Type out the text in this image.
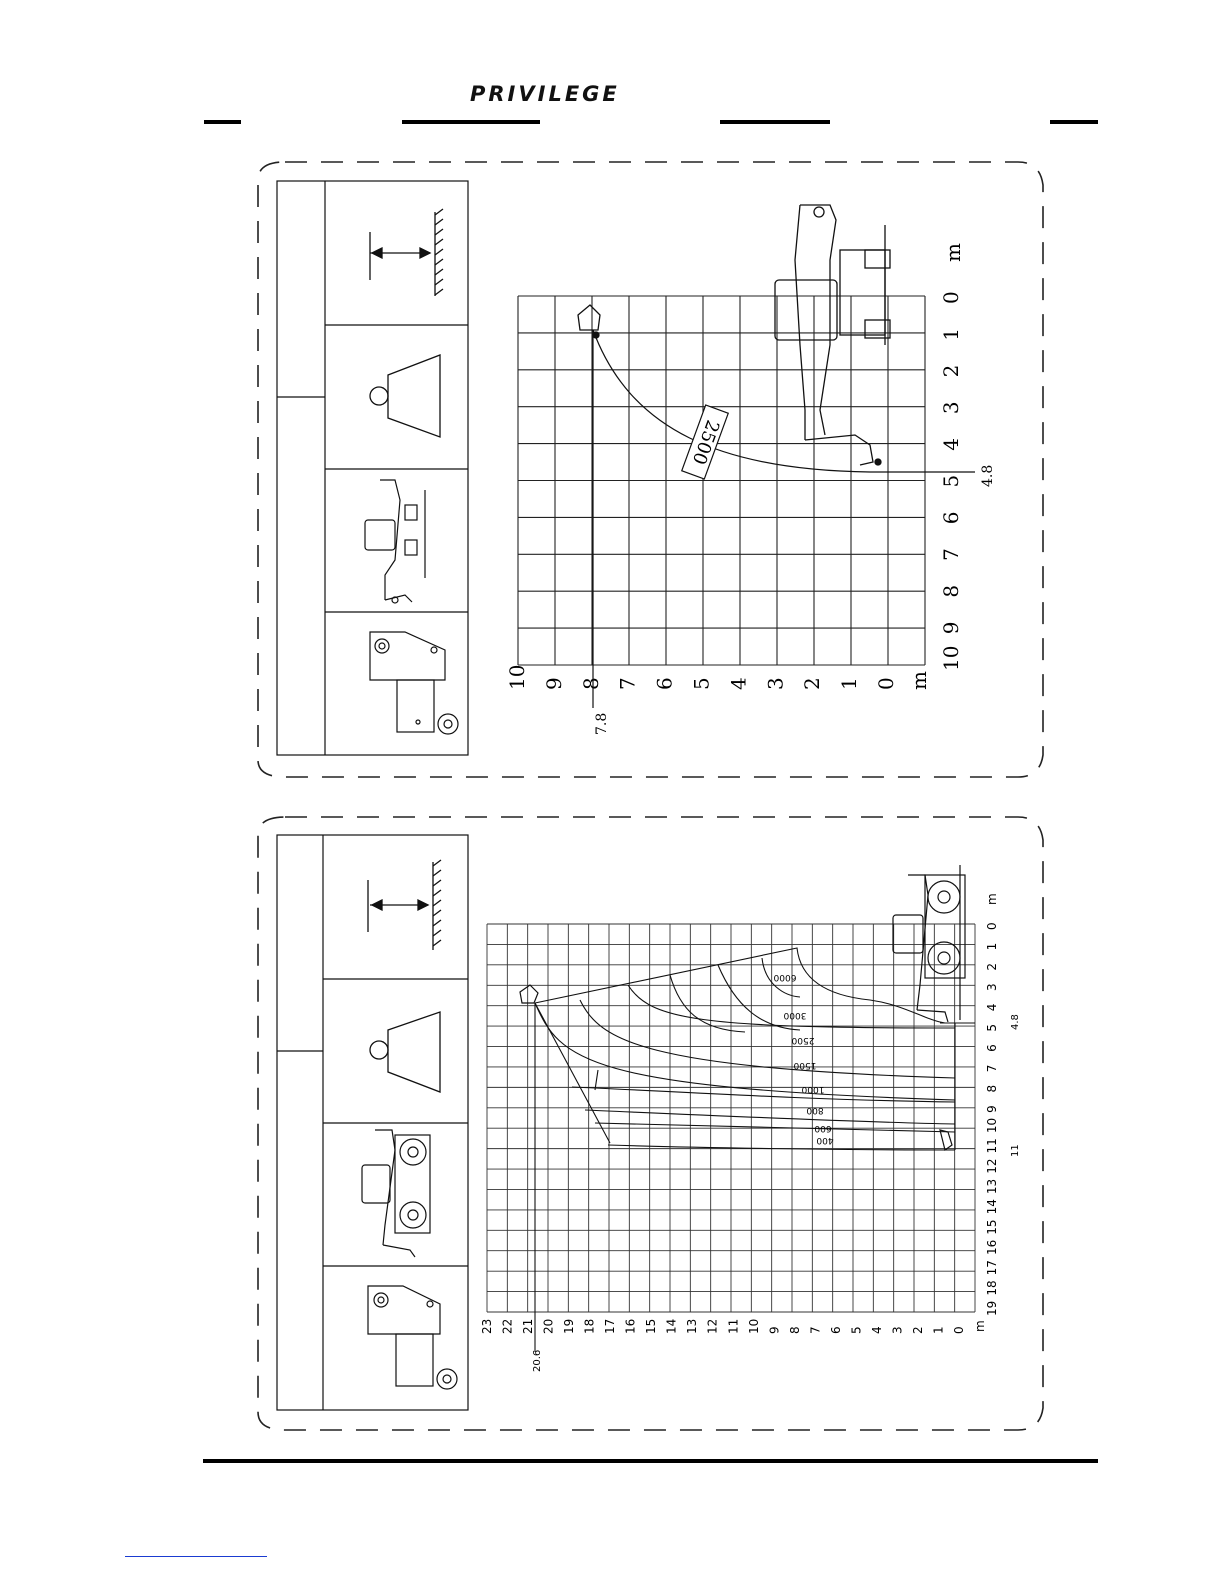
PRIVILEGE
10 9 8 7 6 5 4 3 2 1 0
0
1
2
3
4
5
6
7
8
9
10
m
m
2500
7.8
4.8
23 22 21 20 19 18 17 16 15 14 13 12 11 10 9 8 7 6 5 4 3 2 1 0
0
1
2
3
4
5
6
7
8
9
10
11
12
13
14
15
16
17
18
19
m
m
6000
3000
2500
1500
1000
800
600
400
20.6
4.8
11
